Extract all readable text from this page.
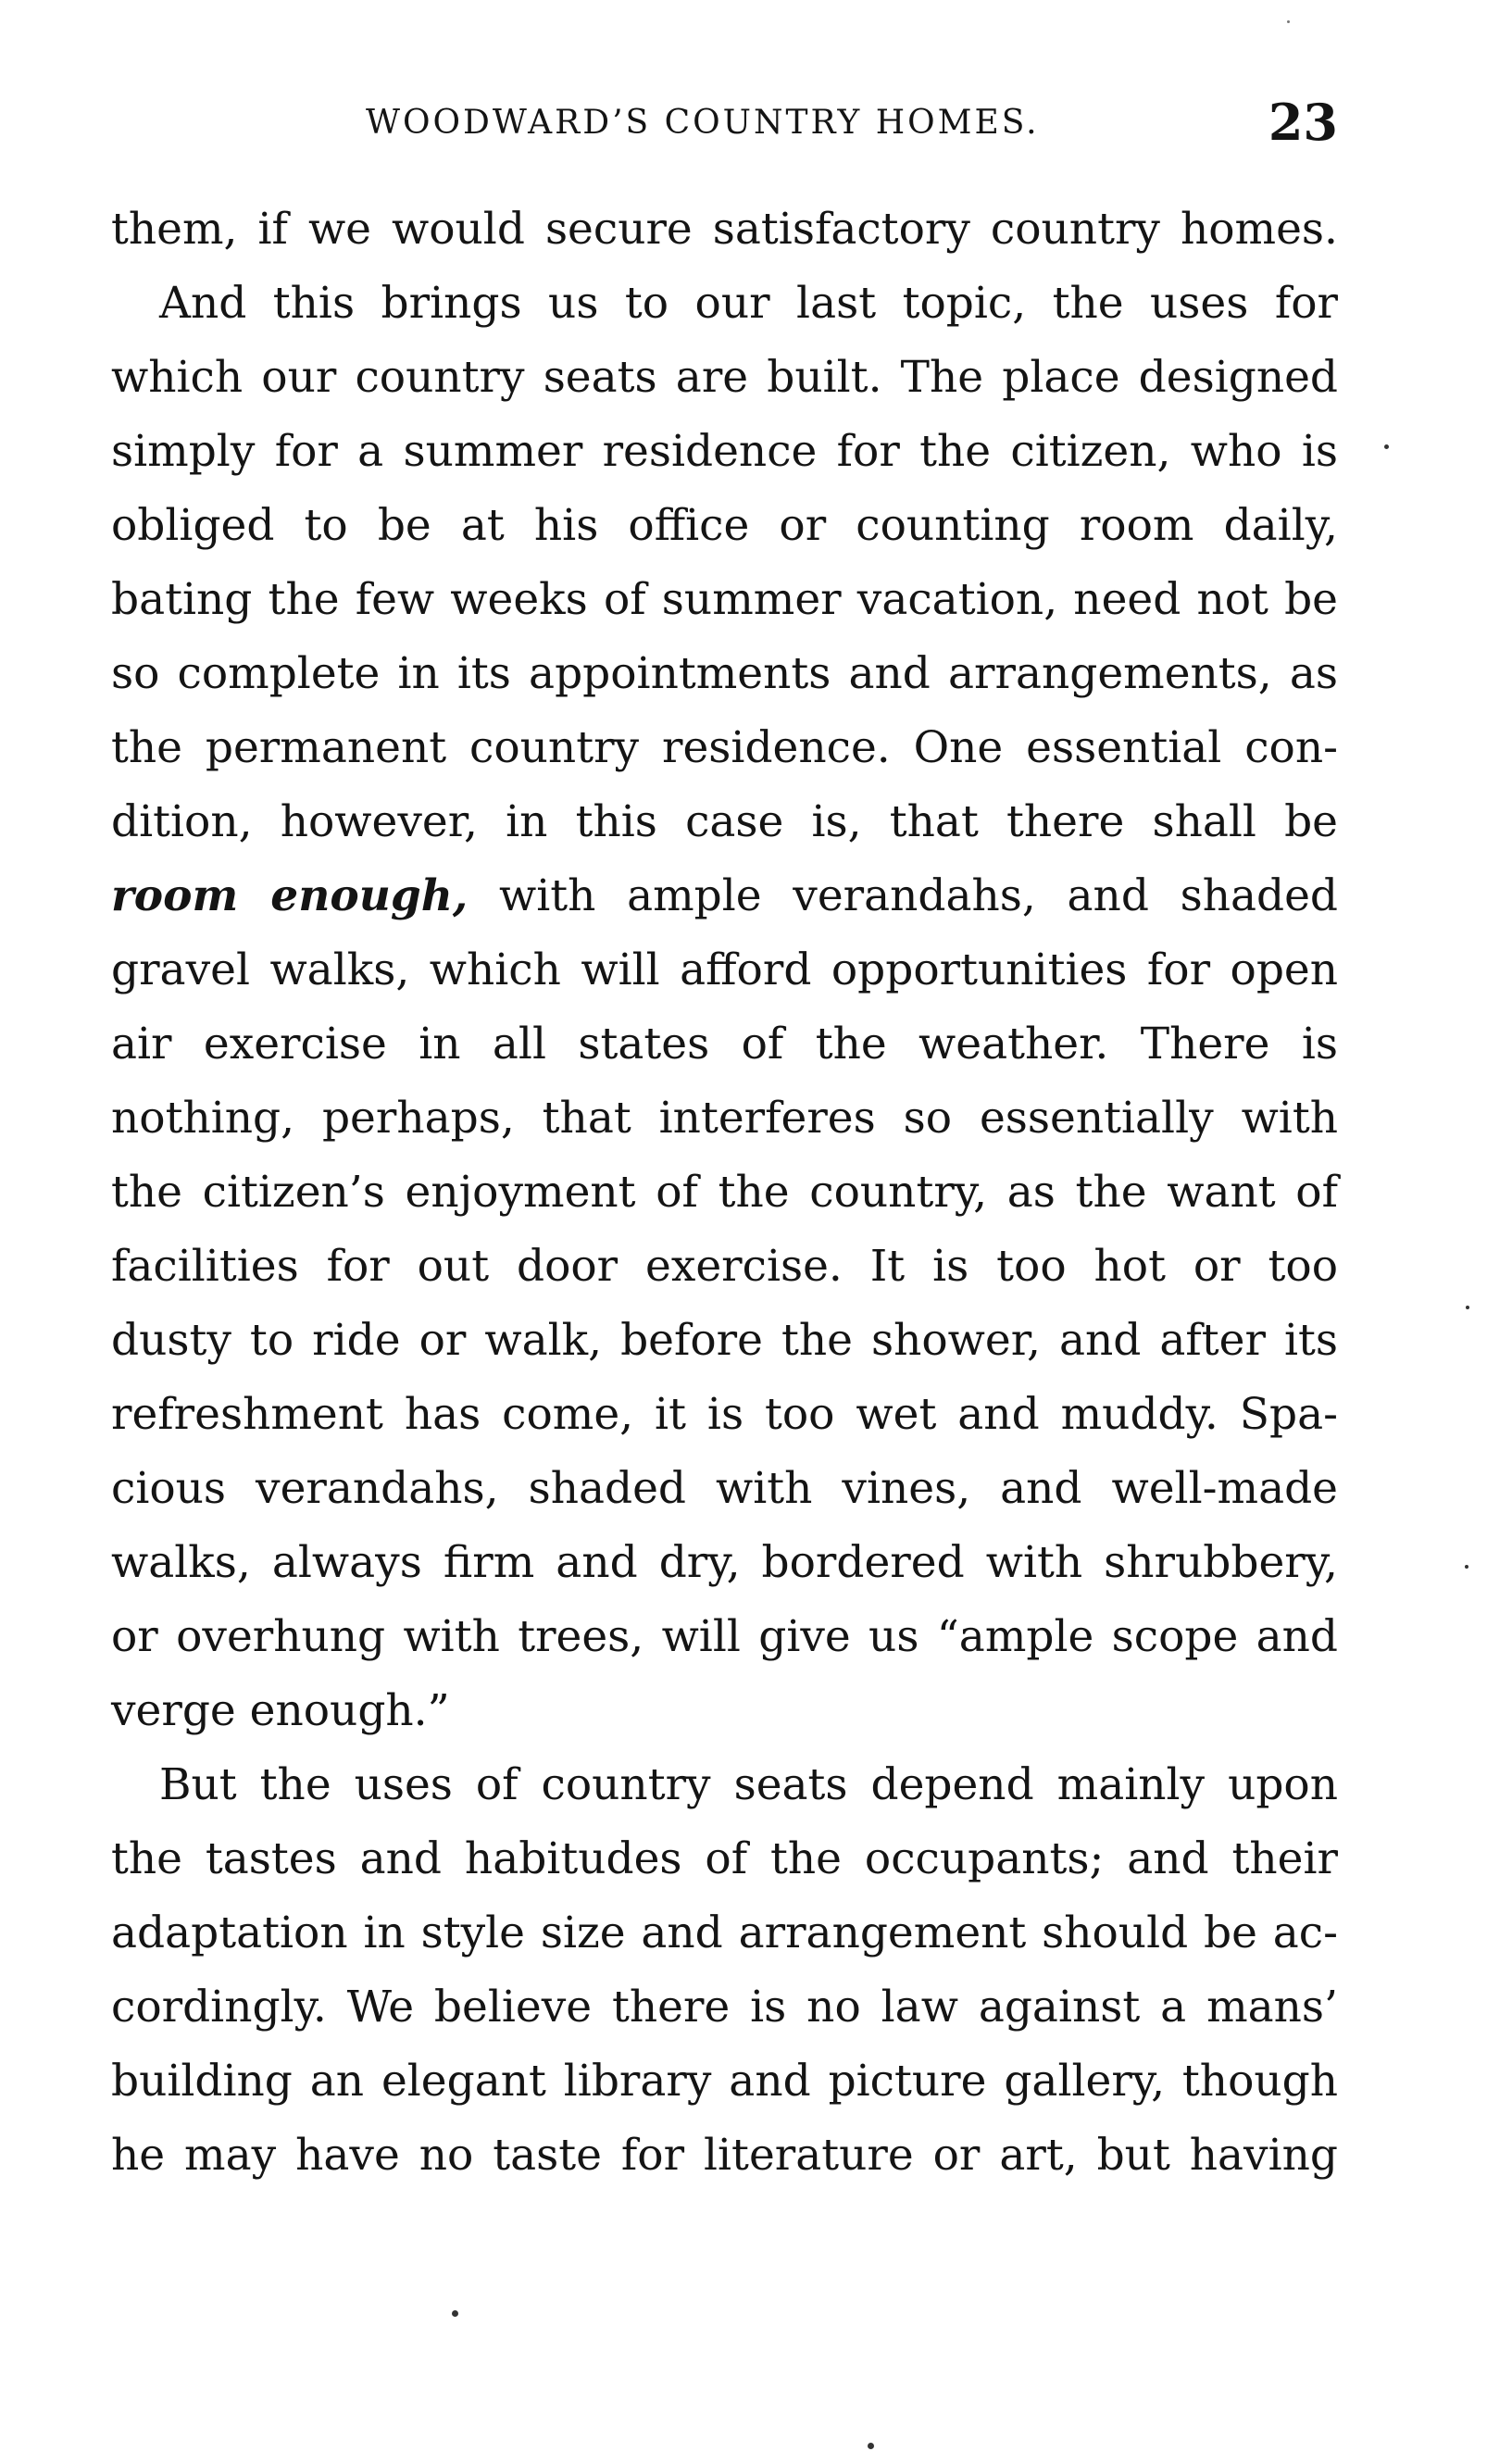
WOODWARD’S COUNTRY HOMES.	23
them, if we would secure satisfactory country homes.
And this brings us to our last topic, the uses for
which our country seats are built. The place designed
simply for a summer residence for the citizen, who is
obliged to be at his office or counting room daily,
bating the few weeks of summer vacation, need not be
so complete in its appointments and arrangements, as
the permanent country residence. One essential con-
dition, however, in this case is, that there shall be
room enough, with ample verandahs, and shaded
gravel walks, which will afford opportunities for open
air exercise in all states of the weather. There is
nothing, perhaps, that interferes so essentially with
the citizen’s enjoyment of the country, as the want of
facilities for out door exercise. It is too hot or too
dusty to ride or walk, before the shower, and after its
refreshment has come, it is too wet and muddy. Spa-
cious verandahs, shaded with vines, and well-made
walks, always firm and dry, bordered with shrubbery,
or overhung with trees, will give us “ample scope and
verge enough.”
But the uses of country seats depend mainly upon
the tastes and habitudes of the occupants; and their
adaptation in style size and arrangement should be ac-
cordingly. We believe there is no law against a mans’
building an elegant library and picture gallery, though
he may have no taste for literature or art, but having
